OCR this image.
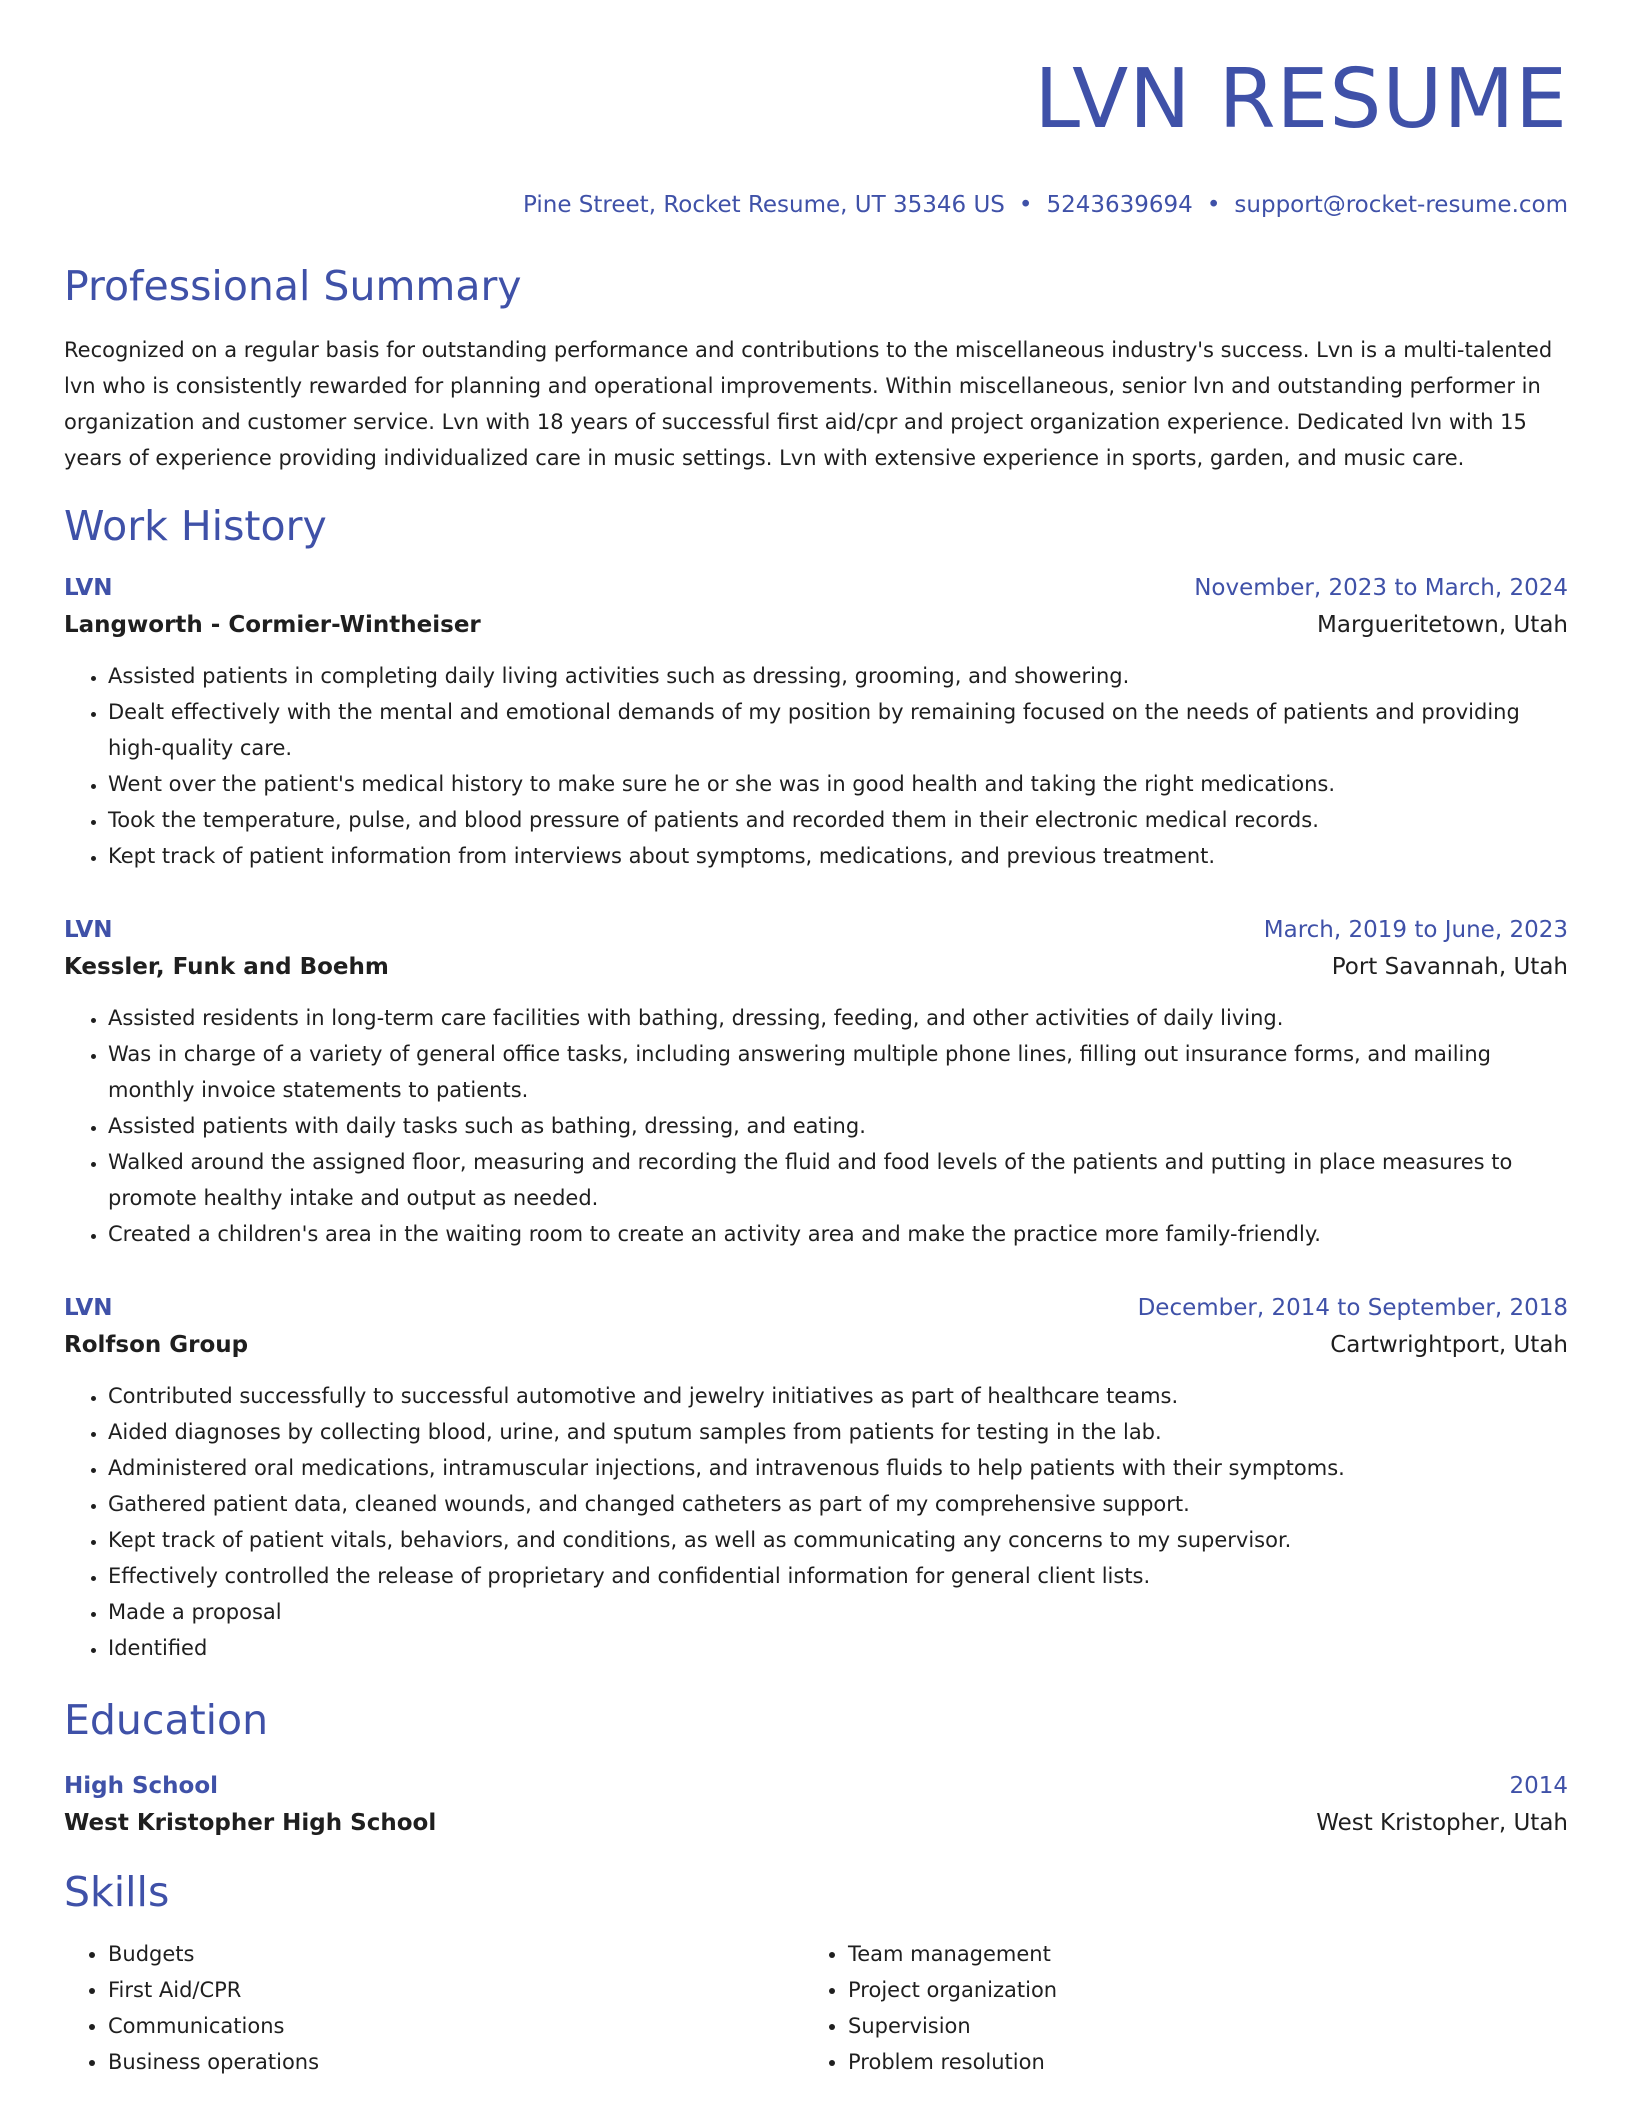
LVN RESUME
Pine Street, Rocket Resume, UT 35346 US • 5243639694 • support@rocket-resume.com
Professional Summary

Recognized on a regular basis for outstanding performance and contributions to the miscellaneous industry's success. Lvn is a multi-talented lvn who is consistently rewarded for planning and operational improvements. Within miscellaneous, senior lvn and outstanding performer in organization and customer service. Lvn with 18 years of successful first aid/cpr and project organization experience. Dedicated lvn with 15 years of experience providing individualized care in music settings. Lvn with extensive experience in sports, garden, and music care.

Work History
LVN	November, 2023 to March, 2024
Langworth - Cormier-Wintheiser	Margueritetown, Utah
• Assisted patients in completing daily living activities such as dressing, grooming, and showering.
• Dealt effectively with the mental and emotional demands of my position by remaining focused on the needs of patients and providing high-quality care.
• Went over the patient's medical history to make sure he or she was in good health and taking the right medications.
• Took the temperature, pulse, and blood pressure of patients and recorded them in their electronic medical records.
• Kept track of patient information from interviews about symptoms, medications, and previous treatment.
LVN	March, 2019 to June, 2023
Kessler, Funk and Boehm	Port Savannah, Utah
• Assisted residents in long-term care facilities with bathing, dressing, feeding, and other activities of daily living.
• Was in charge of a variety of general office tasks, including answering multiple phone lines, filling out insurance forms, and mailing monthly invoice statements to patients.
• Assisted patients with daily tasks such as bathing, dressing, and eating.
• Walked around the assigned floor, measuring and recording the fluid and food levels of the patients and putting in place measures to promote healthy intake and output as needed.
• Created a children's area in the waiting room to create an activity area and make the practice more family-friendly.
LVN	December, 2014 to September, 2018
Rolfson Group	Cartwrightport, Utah
• Contributed successfully to successful automotive and jewelry initiatives as part of healthcare teams.
• Aided diagnoses by collecting blood, urine, and sputum samples from patients for testing in the lab.
• Administered oral medications, intramuscular injections, and intravenous fluids to help patients with their symptoms.
• Gathered patient data, cleaned wounds, and changed catheters as part of my comprehensive support.
• Kept track of patient vitals, behaviors, and conditions, as well as communicating any concerns to my supervisor.
• Effectively controlled the release of proprietary and confidential information for general client lists.
• Made a proposal
• Identified
Education
High School	2014
West Kristopher High School	West Kristopher, Utah
Skills
• Budgets
• First Aid/CPR
• Communications
• Business operations
• Team management
• Project organization
• Supervision
• Problem resolution
